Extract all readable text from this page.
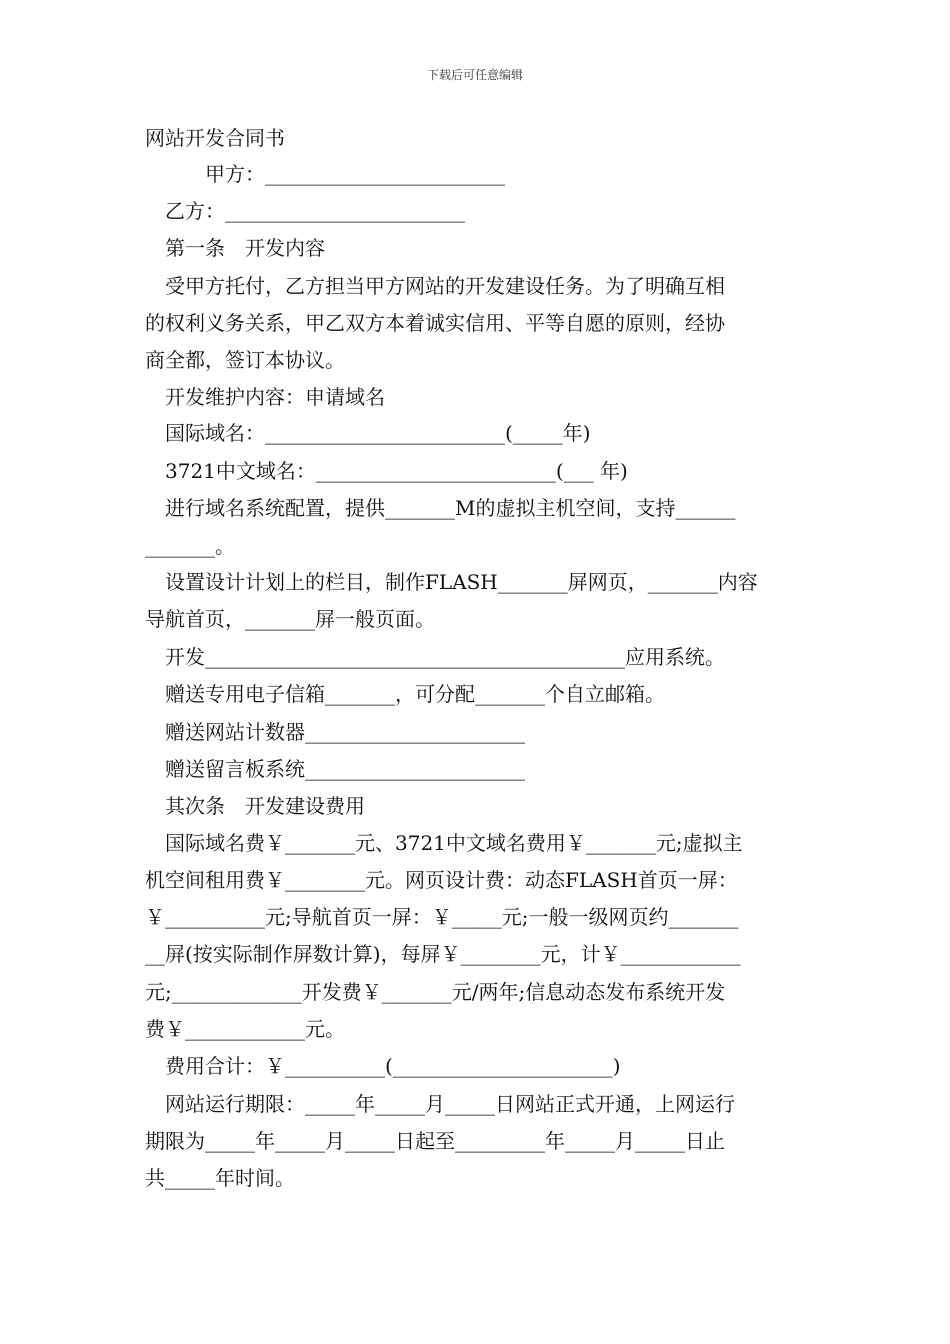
下载后可任意编辑
网站开发合同书
　　　甲方：________________________
　乙方：________________________
　第一条　开发内容
　受甲方托付，乙方担当甲方网站的开发建设任务。为了明确互相
的权利义务关系，甲乙双方本着诚实信用、平等自愿的原则，经协
商全都，签订本协议。
　开发维护内容：申请域名
　国际域名：________________________(_____年)
　3721中文域名：________________________(___ 年)
　进行域名系统配置，提供_______M的虚拟主机空间，支持______
_______。
　设置设计计划上的栏目，制作FLASH_______屏网页，_______内容
导航首页，_______屏一般页面。
　开发__________________________________________应用系统。
　赠送专用电子信箱_______，可分配_______个自立邮箱。
　赠送网站计数器______________________
　赠送留言板系统______________________
　其次条　开发建设费用
　国际域名费￥_______元、3721中文域名费用￥_______元;虚拟主
机空间租用费￥________元。网页设计费：动态FLASH首页一屏：
￥__________元;导航首页一屏：￥_____元;一般一级网页约_______
__屏(按实际制作屏数计算)，每屏￥________元，计￥____________
元;_____________开发费￥_______元/两年;信息动态发布系统开发
费￥____________元。
　费用合计：￥__________(______________________)
　网站运行期限：_____年_____月_____日网站正式开通，上网运行
期限为_____年_____月_____日起至_________年_____月_____日止
共_____年时间。
